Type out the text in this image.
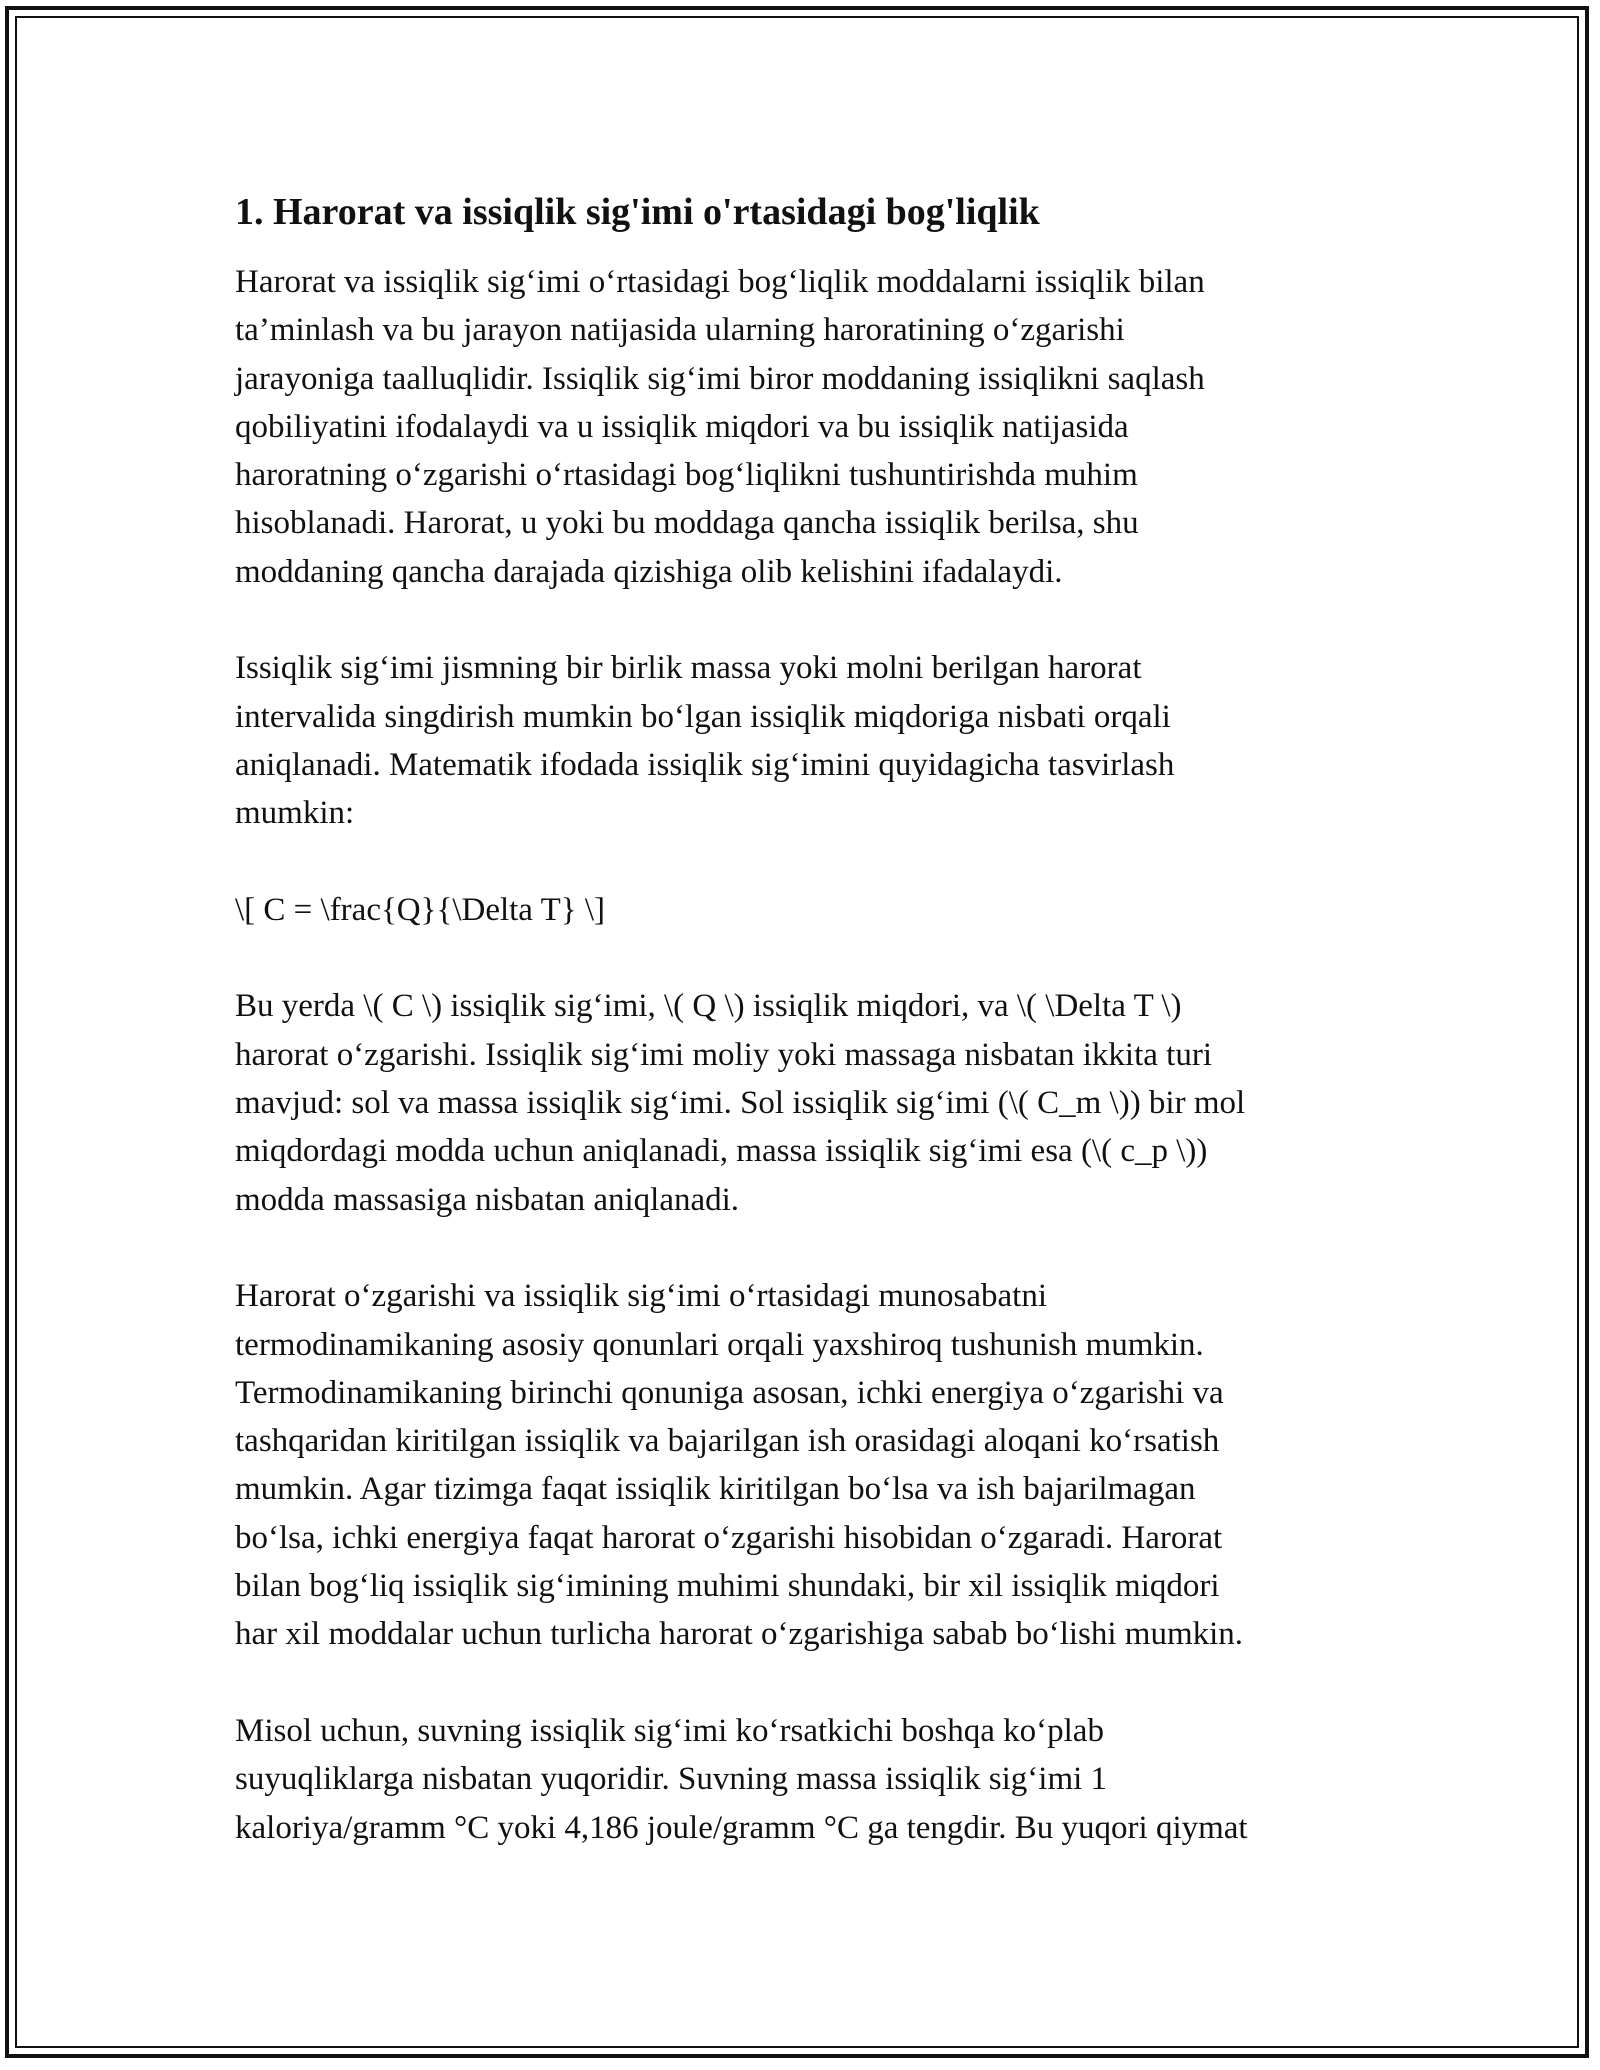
1. Harorat va issiqlik sig'imi o'rtasidagi bog'liqlik

Harorat va issiqlik sig‘imi o‘rtasidagi bog‘liqlik moddalarni issiqlik bilan
ta’minlash va bu jarayon natijasida ularning haroratining o‘zgarishi
jarayoniga taalluqlidir. Issiqlik sig‘imi biror moddaning issiqlikni saqlash
qobiliyatini ifodalaydi va u issiqlik miqdori va bu issiqlik natijasida
haroratning o‘zgarishi o‘rtasidagi bog‘liqlikni tushuntirishda muhim
hisoblanadi. Harorat, u yoki bu moddaga qancha issiqlik berilsa, shu
moddaning qancha darajada qizishiga olib kelishini ifadalaydi.

Issiqlik sig‘imi jismning bir birlik massa yoki molni berilgan harorat
intervalida singdirish mumkin bo‘lgan issiqlik miqdoriga nisbati orqali
aniqlanadi. Matematik ifodada issiqlik sig‘imini quyidagicha tasvirlash
mumkin:

\[ C = \frac{Q}{\Delta T} \]

Bu yerda \( C \) issiqlik sig‘imi, \( Q \) issiqlik miqdori, va \( \Delta T \)
harorat o‘zgarishi. Issiqlik sig‘imi moliy yoki massaga nisbatan ikkita turi
mavjud: sol va massa issiqlik sig‘imi. Sol issiqlik sig‘imi (\( C_m \)) bir mol
miqdordagi modda uchun aniqlanadi, massa issiqlik sig‘imi esa (\( c_p \))
modda massasiga nisbatan aniqlanadi.

Harorat o‘zgarishi va issiqlik sig‘imi o‘rtasidagi munosabatni
termodinamikaning asosiy qonunlari orqali yaxshiroq tushunish mumkin.
Termodinamikaning birinchi qonuniga asosan, ichki energiya o‘zgarishi va
tashqaridan kiritilgan issiqlik va bajarilgan ish orasidagi aloqani ko‘rsatish
mumkin. Agar tizimga faqat issiqlik kiritilgan bo‘lsa va ish bajarilmagan
bo‘lsa, ichki energiya faqat harorat o‘zgarishi hisobidan o‘zgaradi. Harorat
bilan bog‘liq issiqlik sig‘imining muhimi shundaki, bir xil issiqlik miqdori
har xil moddalar uchun turlicha harorat o‘zgarishiga sabab bo‘lishi mumkin.

Misol uchun, suvning issiqlik sig‘imi ko‘rsatkichi boshqa ko‘plab
suyuqliklarga nisbatan yuqoridir. Suvning massa issiqlik sig‘imi 1
kaloriya/gramm °C yoki 4,186 joule/gramm °C ga tengdir. Bu yuqori qiymat
